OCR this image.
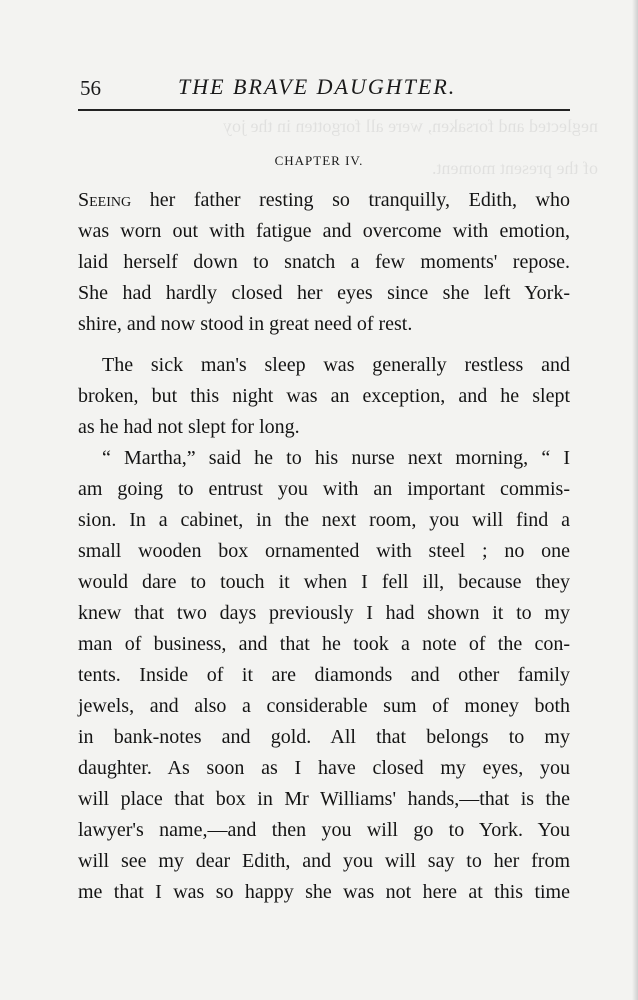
neglected and forsaken, were all forgotten in the joy
of the present moment.
56	THE BRAVE DAUGHTER.
CHAPTER IV.
Seeing her father resting so tranquilly, Edith, who
was worn out with fatigue and overcome with emotion,
laid herself down to snatch a few moments' repose.
She had hardly closed her eyes since she left York-
shire, and now stood in great need of rest.
The sick man's sleep was generally restless and
broken, but this night was an exception, and he slept
as he had not slept for long.
“ Martha,” said he to his nurse next morning, “ I
am going to entrust you with an important commis-
sion. In a cabinet, in the next room, you will find a
small wooden box ornamented with steel ; no one
would dare to touch it when I fell ill, because they
knew that two days previously I had shown it to my
man of business, and that he took a note of the con-
tents. Inside of it are diamonds and other family
jewels, and also a considerable sum of money both
in bank-notes and gold. All that belongs to my
daughter. As soon as I have closed my eyes, you
will place that box in Mr Williams' hands,—that is the
lawyer's name,—and then you will go to York. You
will see my dear Edith, and you will say to her from
me that I was so happy she was not here at this time
